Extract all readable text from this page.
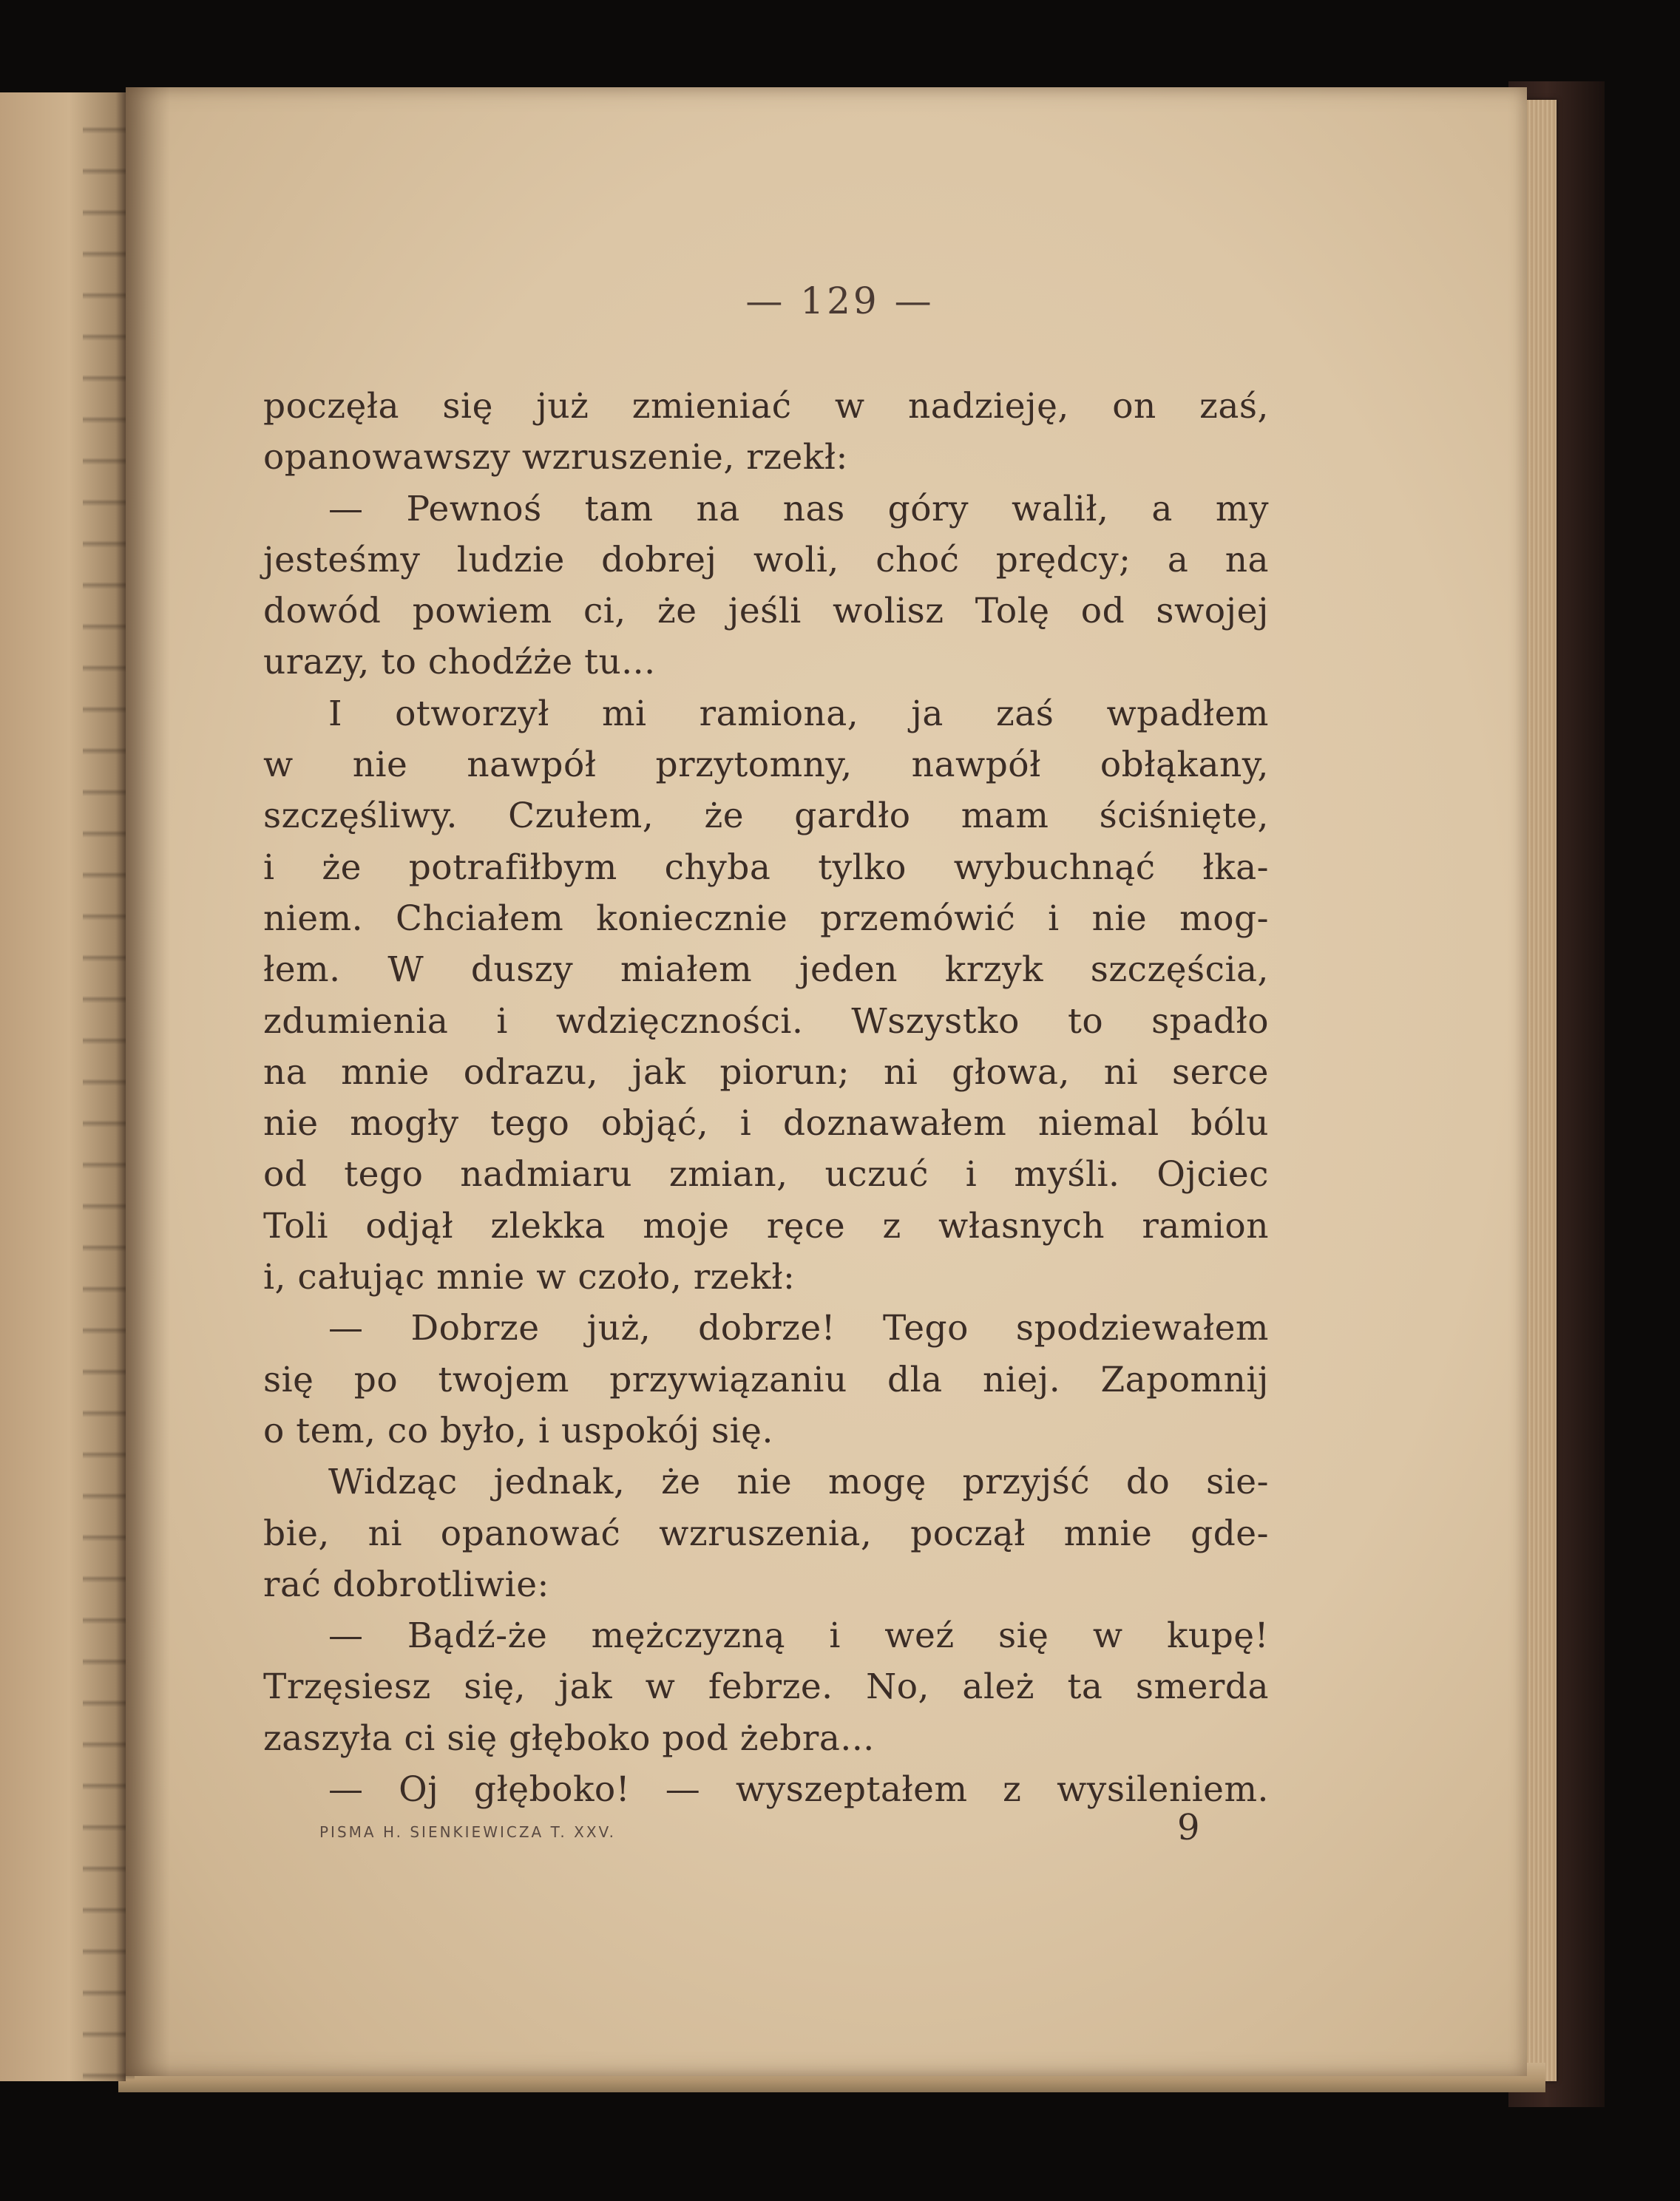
— 129 —
poczęła się już zmieniać w nadzieję, on zaś,
opanowawszy wzruszenie, rzekł:
— Pewnoś tam na nas góry walił, a my
jesteśmy ludzie dobrej woli, choć prędcy; a na
dowód powiem ci, że jeśli wolisz Tolę od swojej
urazy, to chodźże tu...
I otworzył mi ramiona, ja zaś wpadłem
w nie nawpół przytomny, nawpół obłąkany,
szczęśliwy. Czułem, że gardło mam ściśnięte,
i że potrafiłbym chyba tylko wybuchnąć łka-
niem. Chciałem koniecznie przemówić i nie mog-
łem. W duszy miałem jeden krzyk szczęścia,
zdumienia i wdzięczności. Wszystko to spadło
na mnie odrazu, jak piorun; ni głowa, ni serce
nie mogły tego objąć, i doznawałem niemal bólu
od tego nadmiaru zmian, uczuć i myśli. Ojciec
Toli odjął zlekka moje ręce z własnych ramion
i, całując mnie w czoło, rzekł:
— Dobrze już, dobrze! Tego spodziewałem
się po twojem przywiązaniu dla niej. Zapomnij
o tem, co było, i uspokój się.
Widząc jednak, że nie mogę przyjść do sie-
bie, ni opanować wzruszenia, począł mnie gde-
rać dobrotliwie:
— Bądź-że mężczyzną i weź się w kupę!
Trzęsiesz się, jak w febrze. No, ależ ta smerda
zaszyła ci się głęboko pod żebra...
— Oj głęboko! — wyszeptałem z wysileniem.
PISMA H. SIENKIEWICZA T. XXV.	9
